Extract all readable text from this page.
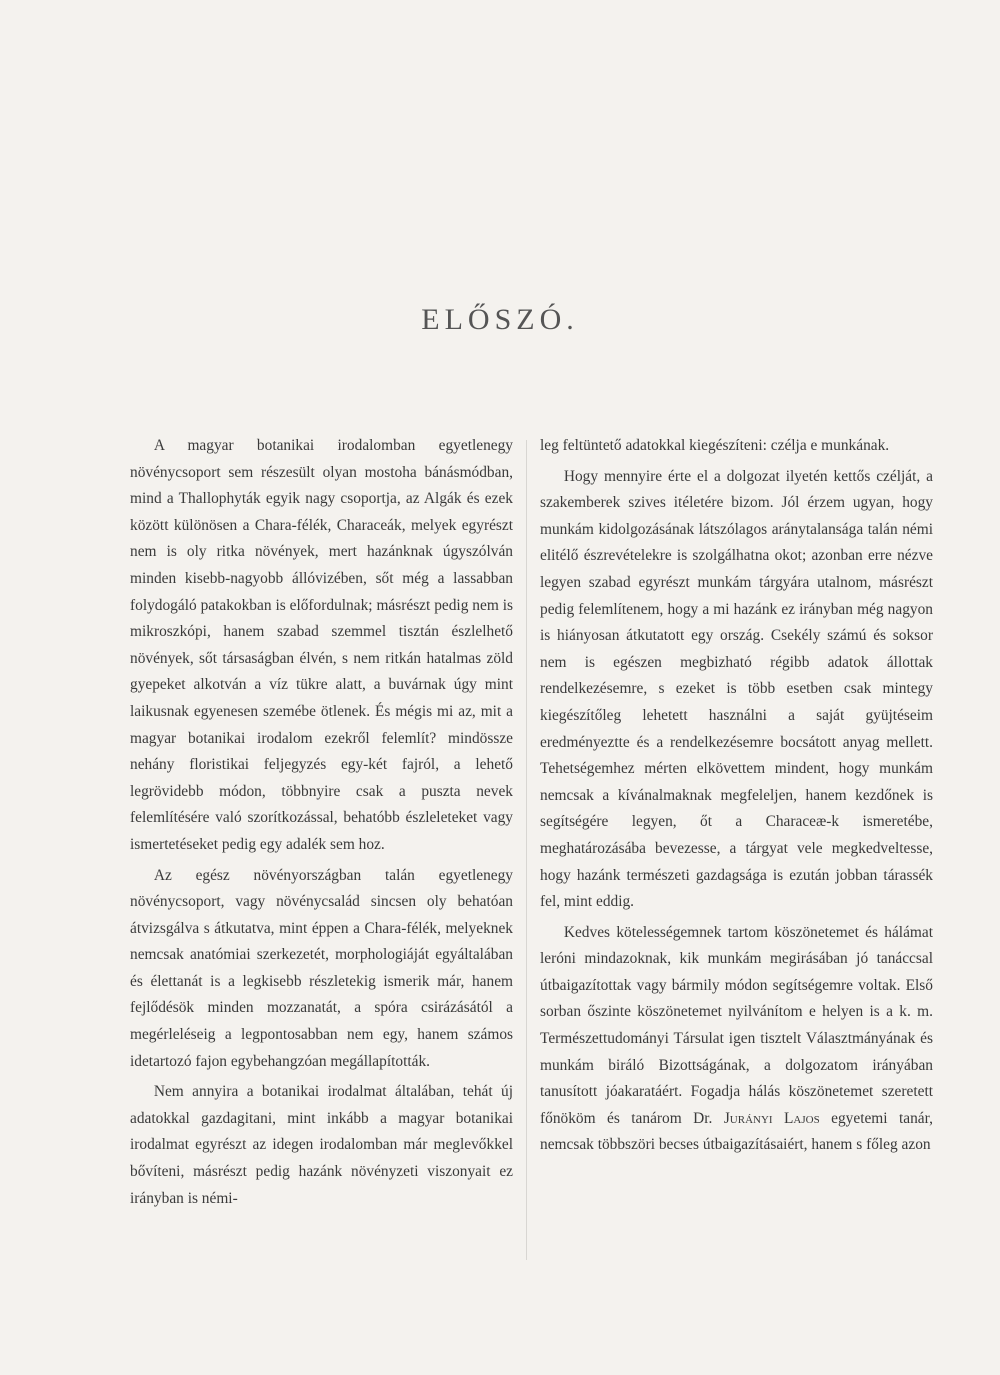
ELŐSZÓ.

A magyar botanikai irodalomban egyetlenegy növénycsoport sem részesült olyan mostoha bánásmódban, mind a Thallophyták egyik nagy csoportja, az Algák és ezek között különösen a Chara-félék, Characeák, melyek egyrészt nem is oly ritka növények, mert hazánknak úgyszólván minden kisebb-nagyobb állóvizében, sőt még a lassabban folydogáló patakokban is előfordulnak; másrészt pedig nem is mikroszkópi, hanem szabad szemmel tisztán észlelhető növények, sőt társaságban élvén, s nem ritkán hatalmas zöld gyepeket alkotván a víz tükre alatt, a buvárnak úgy mint laikusnak egyenesen szemébe ötlenek. És mégis mi az, mit a magyar botanikai irodalom ezekről felemlít? mindössze nehány floristikai feljegyzés egy-két fajról, a lehető legrövidebb módon, többnyire csak a puszta nevek felemlítésére való szorítkozással, behatóbb észleleteket vagy ismertetéseket pedig egy adalék sem hoz.

Az egész növényországban talán egyetlenegy növénycsoport, vagy növénycsalád sincsen oly behatóan átvizsgálva s átkutatva, mint éppen a Chara-félék, melyeknek nemcsak anatómiai szerkezetét, morphologiáját egyáltalában és élettanát is a legkisebb részletekig ismerik már, hanem fejlődésök minden mozzanatát, a spóra csirázásától a megérleléseig a legpontosabban nem egy, hanem számos idetartozó fajon egybehangzóan megállapították.

Nem annyira a botanikai irodalmat általában, tehát új adatokkal gazdagitani, mint inkább a magyar botanikai irodalmat egyrészt az idegen irodalomban már meglevőkkel bővíteni, másrészt pedig hazánk növényzeti viszonyait ez irányban is némi-

leg feltüntető adatokkal kiegészíteni: czélja e munkának.

Hogy mennyire érte el a dolgozat ilyetén kettős czélját, a szakemberek szives itéletére bizom. Jól érzem ugyan, hogy munkám kidolgozásának látszólagos aránytalansága talán némi elitélő észrevételekre is szolgálhatna okot; azonban erre nézve legyen szabad egyrészt munkám tárgyára utalnom, másrészt pedig felemlítenem, hogy a mi hazánk ez irányban még nagyon is hiányosan átkutatott egy ország. Csekély számú és soksor nem is egészen megbizható régibb adatok állottak rendelkezésemre, s ezeket is több esetben csak mintegy kiegészítőleg lehetett használni a saját gyüjtéseim eredményeztte és a rendelkezésemre bocsátott anyag mellett. Tehetségemhez mérten elkövettem mindent, hogy munkám nemcsak a kívánalmaknak megfeleljen, hanem kezdőnek is segítségére legyen, őt a Characeæ-k ismeretébe, meghatározásába bevezesse, a tárgyat vele megkedveltesse, hogy hazánk természeti gazdagsága is ezután jobban tárassék fel, mint eddig.

Kedves kötelességemnek tartom köszönetemet és hálámat leróni mindazoknak, kik munkám megirásában jó tanáccsal útbaigazítottak vagy bármily módon segítségemre voltak. Első sorban őszinte köszönetemet nyilvánítom e helyen is a k. m. Természettudományi Társulat igen tisztelt Választmányának és munkám biráló Bizottságának, a dolgozatom irányában tanusított jóakaratáért. Fogadja hálás köszönetemet szeretett főnököm és tanárom Dr. Jurányi Lajos egyetemi tanár, nemcsak többszöri becses útbaigazításaiért, hanem s főleg azon
